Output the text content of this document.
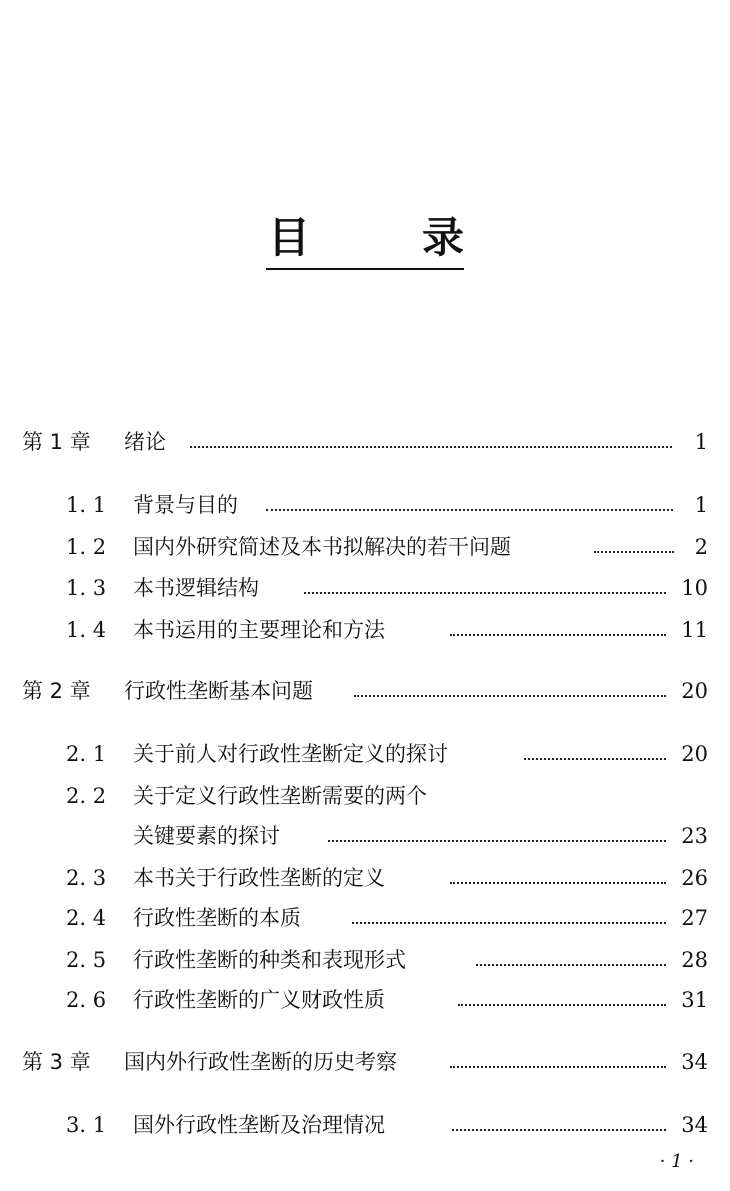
目	录
第 1 章 绪论	1
1. 1 背景与目的	1
1. 2 国内外研究简述及本书拟解决的若干问题	2
1. 3 本书逻辑结构	10
1. 4 本书运用的主要理论和方法	11
第 2 章 行政性垄断基本问题	20
2. 1 关于前人对行政性垄断定义的探讨	20
2. 2 关于定义行政性垄断需要的两个
关键要素的探讨	23
2. 3 本书关于行政性垄断的定义	26
2. 4 行政性垄断的本质	27
2. 5 行政性垄断的种类和表现形式	28
2. 6 行政性垄断的广义财政性质	31
第 3 章 国内外行政性垄断的历史考察	34
3. 1 国外行政性垄断及治理情况	34
· 1 ·
